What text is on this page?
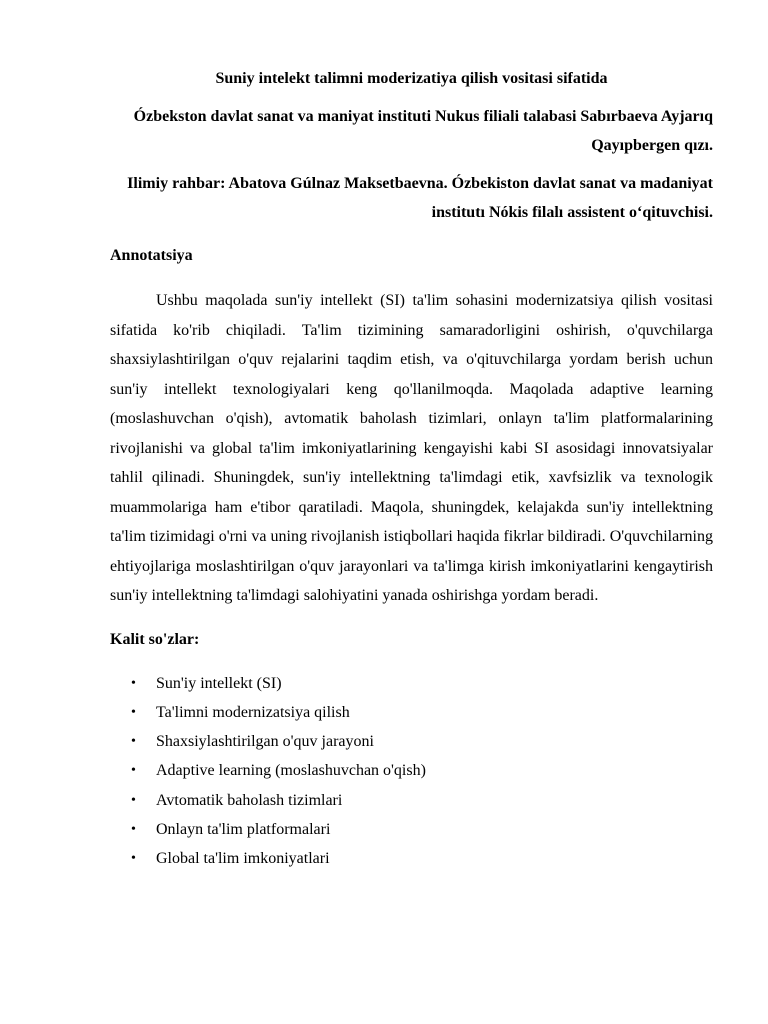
Suniy intelekt talimni moderizatiya qilish vositasi sifatida

Ózbekston davlat sanat va maniyat instituti Nukus filiali talabasi Sabırbaeva Ayjarıq Qayıpbergen qızı.

Ilimiy rahbar: Abatova Gúlnaz Maksetbaevna. Ózbekiston davlat sanat va madaniyat institutı Nókis filalı assistent o‘qituvchisi.

Annotatsiya

Ushbu maqolada sun'iy intellekt (SI) ta'lim sohasini modernizatsiya qilish vositasi sifatida ko'rib chiqiladi. Ta'lim tizimining samaradorligini oshirish, o'quvchilarga shaxsiylashtirilgan o'quv rejalarini taqdim etish, va o'qituvchilarga yordam berish uchun sun'iy intellekt texnologiyalari keng qo'llanilmoqda. Maqolada adaptive learning (moslashuvchan o'qish), avtomatik baholash tizimlari, onlayn ta'lim platformalarining rivojlanishi va global ta'lim imkoniyatlarining kengayishi kabi SI asosidagi innovatsiyalar tahlil qilinadi. Shuningdek, sun'iy intellektning ta'limdagi etik, xavfsizlik va texnologik muammolariga ham e'tibor qaratiladi. Maqola, shuningdek, kelajakda sun'iy intellektning ta'lim tizimidagi o'rni va uning rivojlanish istiqbollari haqida fikrlar bildiradi. O'quvchilarning ehtiyojlariga moslashtirilgan o'quv jarayonlari va ta'limga kirish imkoniyatlarini kengaytirish sun'iy intellektning ta'limdagi salohiyatini yanada oshirishga yordam beradi.

Kalit so'zlar:

• Sun'iy intellekt (SI)
• Ta'limni modernizatsiya qilish
• Shaxsiylashtirilgan o'quv jarayoni
• Adaptive learning (moslashuvchan o'qish)
• Avtomatik baholash tizimlari
• Onlayn ta'lim platformalari
• Global ta'lim imkoniyatlari
